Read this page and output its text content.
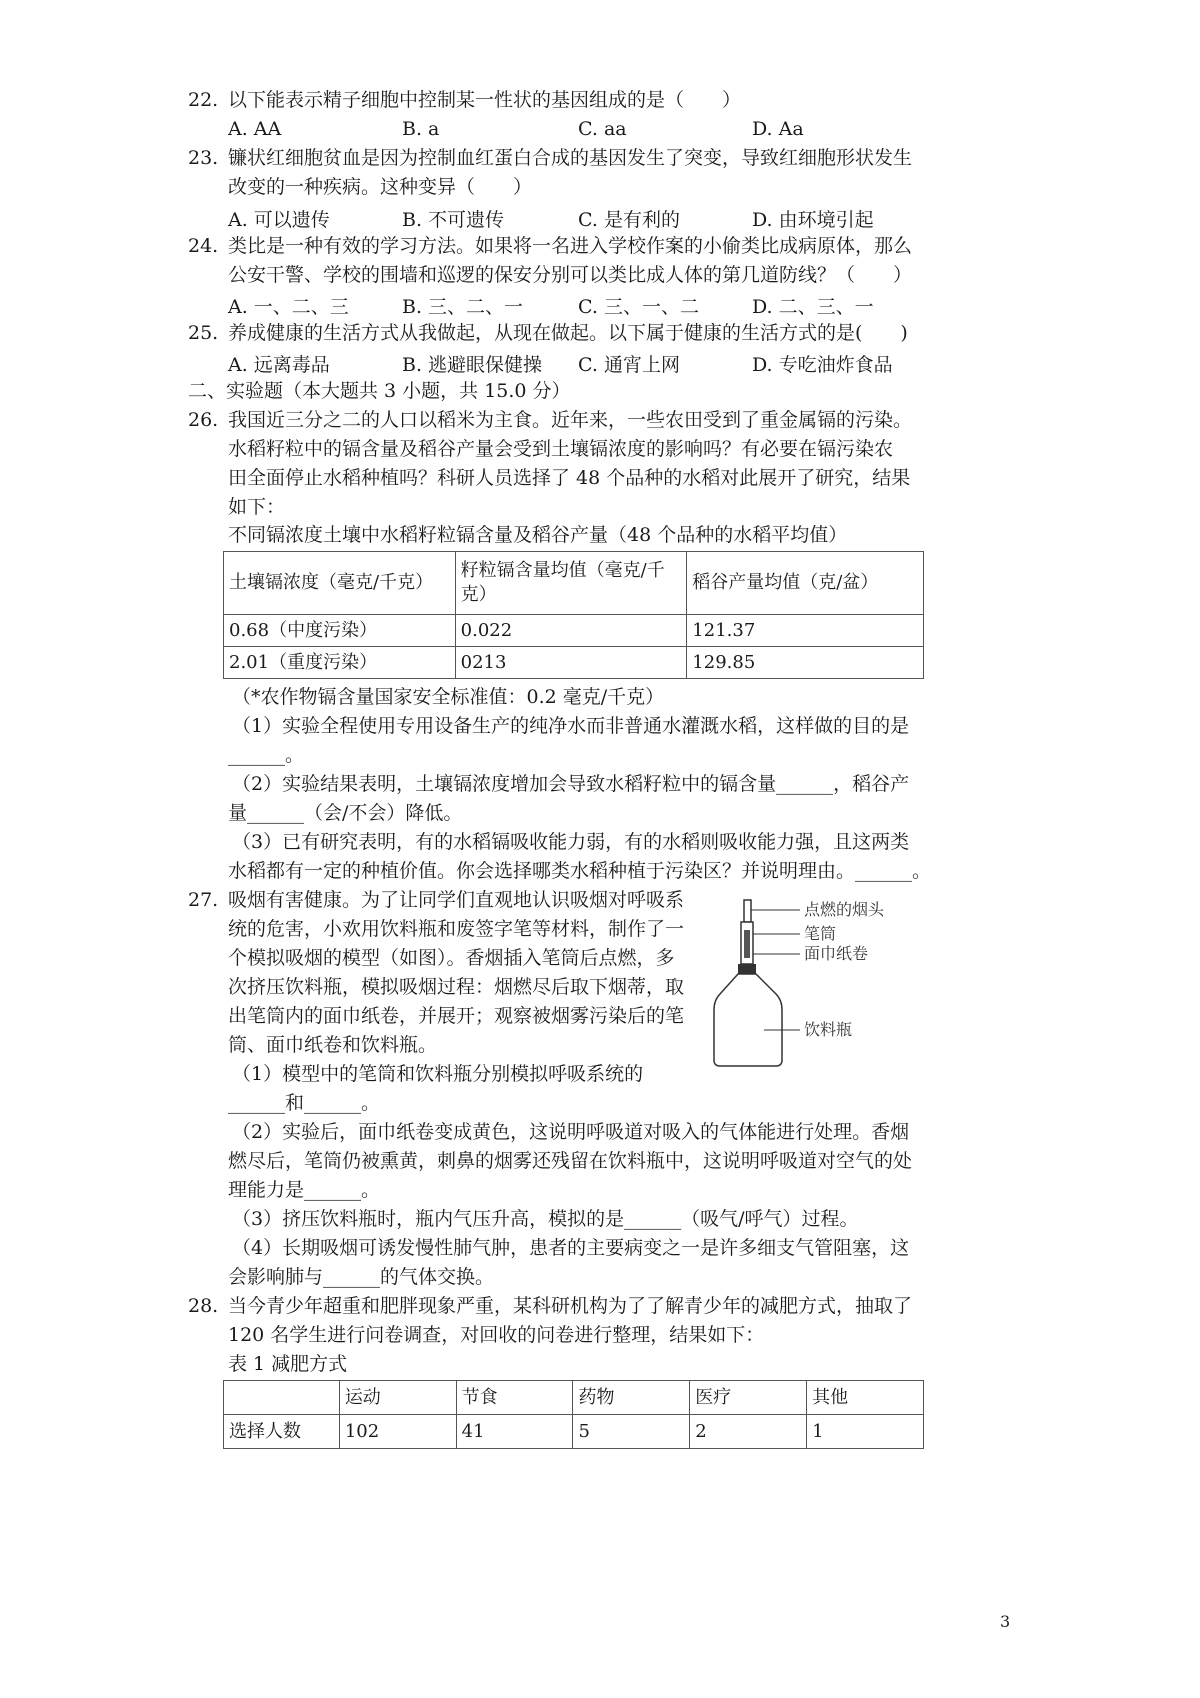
22. 以下能表示精子细胞中控制某一性状的基因组成的是（　　）
A. AA	B. a	C. aa	D. Aa
23. 镰状红细胞贫血是因为控制血红蛋白合成的基因发生了突变，导致红细胞形状发生
改变的一种疾病。这种变异（　　）
A. 可以遗传	B. 不可遗传	C. 是有利的	D. 由环境引起
24. 类比是一种有效的学习方法。如果将一名进入学校作案的小偷类比成病原体，那么
公安干警、学校的围墙和巡逻的保安分别可以类比成人体的第几道防线？（　　）
A. 一、二、三	B. 三、二、一	C. 三、一、二	D. 二、三、一
25. 养成健康的生活方式从我做起，从现在做起。以下属于健康的生活方式的是(　　)
A. 远离毒品	B. 逃避眼保健操 C. 通宵上网	D. 专吃油炸食品
二、实验题（本大题共 3 小题，共 15.0 分）
26. 我国近三分之二的人口以稻米为主食。近年来，一些农田受到了重金属镉的污染。
水稻籽粒中的镉含量及稻谷产量会受到土壤镉浓度的影响吗？有必要在镉污染农
田全面停止水稻种植吗？科研人员选择了 48 个品种的水稻对此展开了研究，结果
如下：
不同镉浓度土壤中水稻籽粒镉含量及稻谷产量（48 个品种的水稻平均值）
土壤镉浓度（毫克/千克）	籽粒镉含量均值（毫克/千克）	稻谷产量均值（克/盆）
0.68（中度污染）	0.022	121.37
2.01（重度污染）	0213	129.85
（*农作物镉含量国家安全标准值：0.2 毫克/千克）
（1）实验全程使用专用设备生产的纯净水而非普通水灌溉水稻，这样做的目的是
______。
（2）实验结果表明，土壤镉浓度增加会导致水稻籽粒中的镉含量______，稻谷产
量______（会/不会）降低。
（3）已有研究表明，有的水稻镉吸收能力弱，有的水稻则吸收能力强，且这两类
水稻都有一定的种植价值。你会选择哪类水稻种植于污染区？并说明理由。______。
27. 吸烟有害健康。为了让同学们直观地认识吸烟对呼吸系
统的危害，小欢用饮料瓶和废签字笔等材料，制作了一
个模拟吸烟的模型（如图）。香烟插入笔筒后点燃，多
次挤压饮料瓶，模拟吸烟过程：烟燃尽后取下烟蒂，取
出笔筒内的面巾纸卷，并展开；观察被烟雾污染后的笔
筒、面巾纸卷和饮料瓶。
点燃的烟头
笔筒
面巾纸卷
饮料瓶
（1）模型中的笔筒和饮料瓶分别模拟呼吸系统的
______和______。
（2）实验后，面巾纸卷变成黄色，这说明呼吸道对吸入的气体能进行处理。香烟
燃尽后，笔筒仍被熏黄，刺鼻的烟雾还残留在饮料瓶中，这说明呼吸道对空气的处
理能力是______。
（3）挤压饮料瓶时，瓶内气压升高，模拟的是______（吸气/呼气）过程。
（4）长期吸烟可诱发慢性肺气肿，患者的主要病变之一是许多细支气管阻塞，这
会影响肺与______的气体交换。
28. 当今青少年超重和肥胖现象严重，某科研机构为了了解青少年的减肥方式，抽取了
120 名学生进行问卷调查，对回收的问卷进行整理，结果如下：
表 1 减肥方式
	运动	节食	药物	医疗	其他
选择人数	102	41	5	2	1
3
